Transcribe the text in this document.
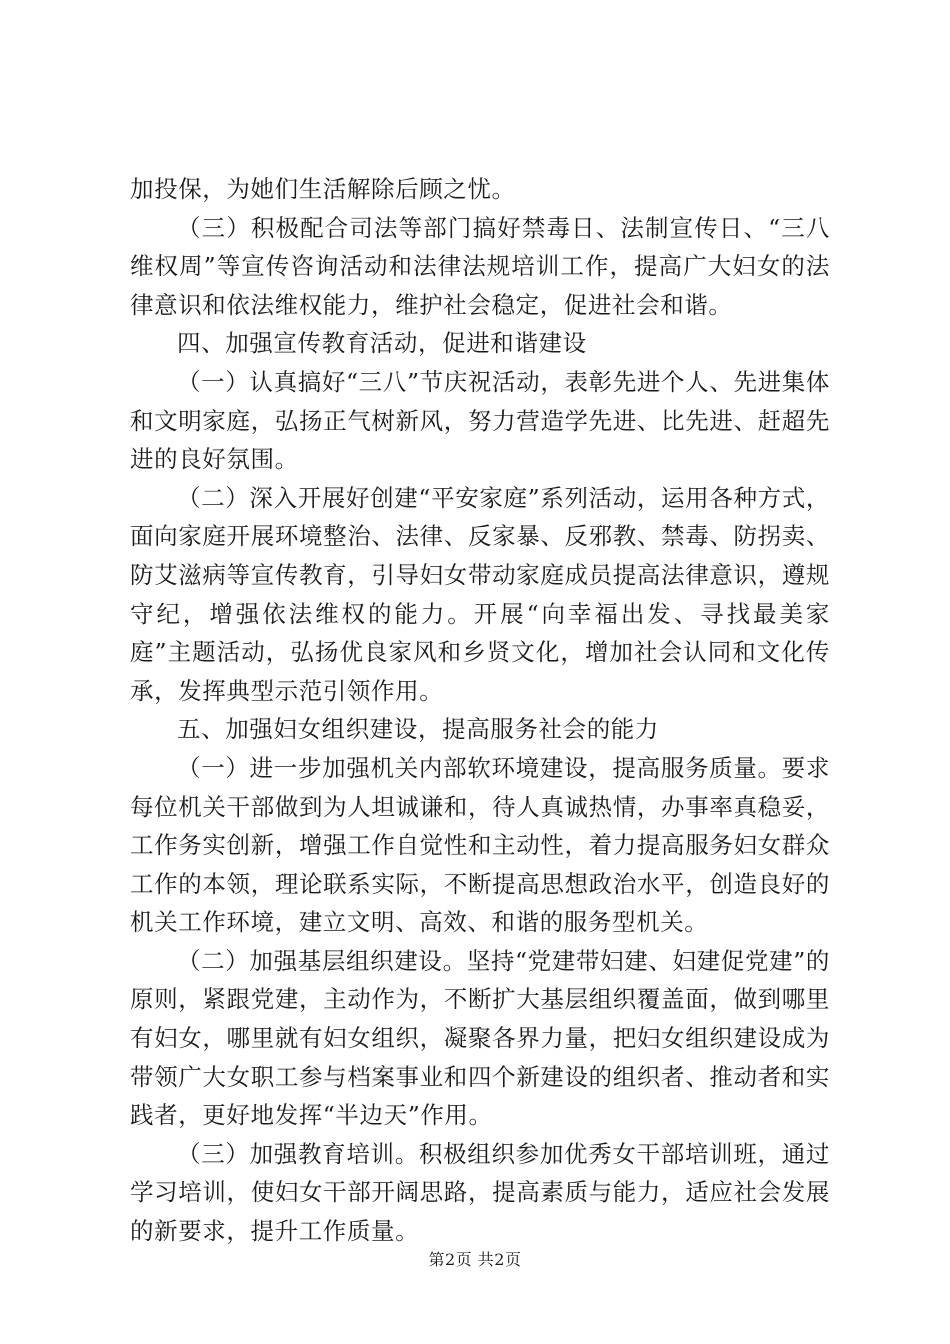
加投保，为她们生活解除后顾之忧。

（三）积极配合司法等部门搞好禁毒日、法制宣传日、“三八维权周”等宣传咨询活动和法律法规培训工作，提高广大妇女的法律意识和依法维权能力，维护社会稳定，促进社会和谐。

四、加强宣传教育活动，促进和谐建设

（一）认真搞好“三八”节庆祝活动，表彰先进个人、先进集体和文明家庭，弘扬正气树新风，努力营造学先进、比先进、赶超先进的良好氛围。

（二）深入开展好创建“平安家庭”系列活动，运用各种方式，面向家庭开展环境整治、法律、反家暴、反邪教、禁毒、防拐卖、防艾滋病等宣传教育，引导妇女带动家庭成员提高法律意识，遵规守纪，增强依法维权的能力。开展“向幸福出发、寻找最美家庭”主题活动，弘扬优良家风和乡贤文化，增加社会认同和文化传承，发挥典型示范引领作用。

五、加强妇女组织建设，提高服务社会的能力

（一）进一步加强机关内部软环境建设，提高服务质量。要求每位机关干部做到为人坦诚谦和，待人真诚热情，办事率真稳妥，工作务实创新，增强工作自觉性和主动性，着力提高服务妇女群众工作的本领，理论联系实际，不断提高思想政治水平，创造良好的机关工作环境，建立文明、高效、和谐的服务型机关。

（二）加强基层组织建设。坚持“党建带妇建、妇建促党建”的原则，紧跟党建，主动作为，不断扩大基层组织覆盖面，做到哪里有妇女，哪里就有妇女组织，凝聚各界力量，把妇女组织建设成为带领广大女职工参与档案事业和四个新建设的组织者、推动者和实践者，更好地发挥“半边天”作用。

（三）加强教育培训。积极组织参加优秀女干部培训班，通过学习培训，使妇女干部开阔思路，提高素质与能力，适应社会发展的新要求，提升工作质量。

第2页 共2页
